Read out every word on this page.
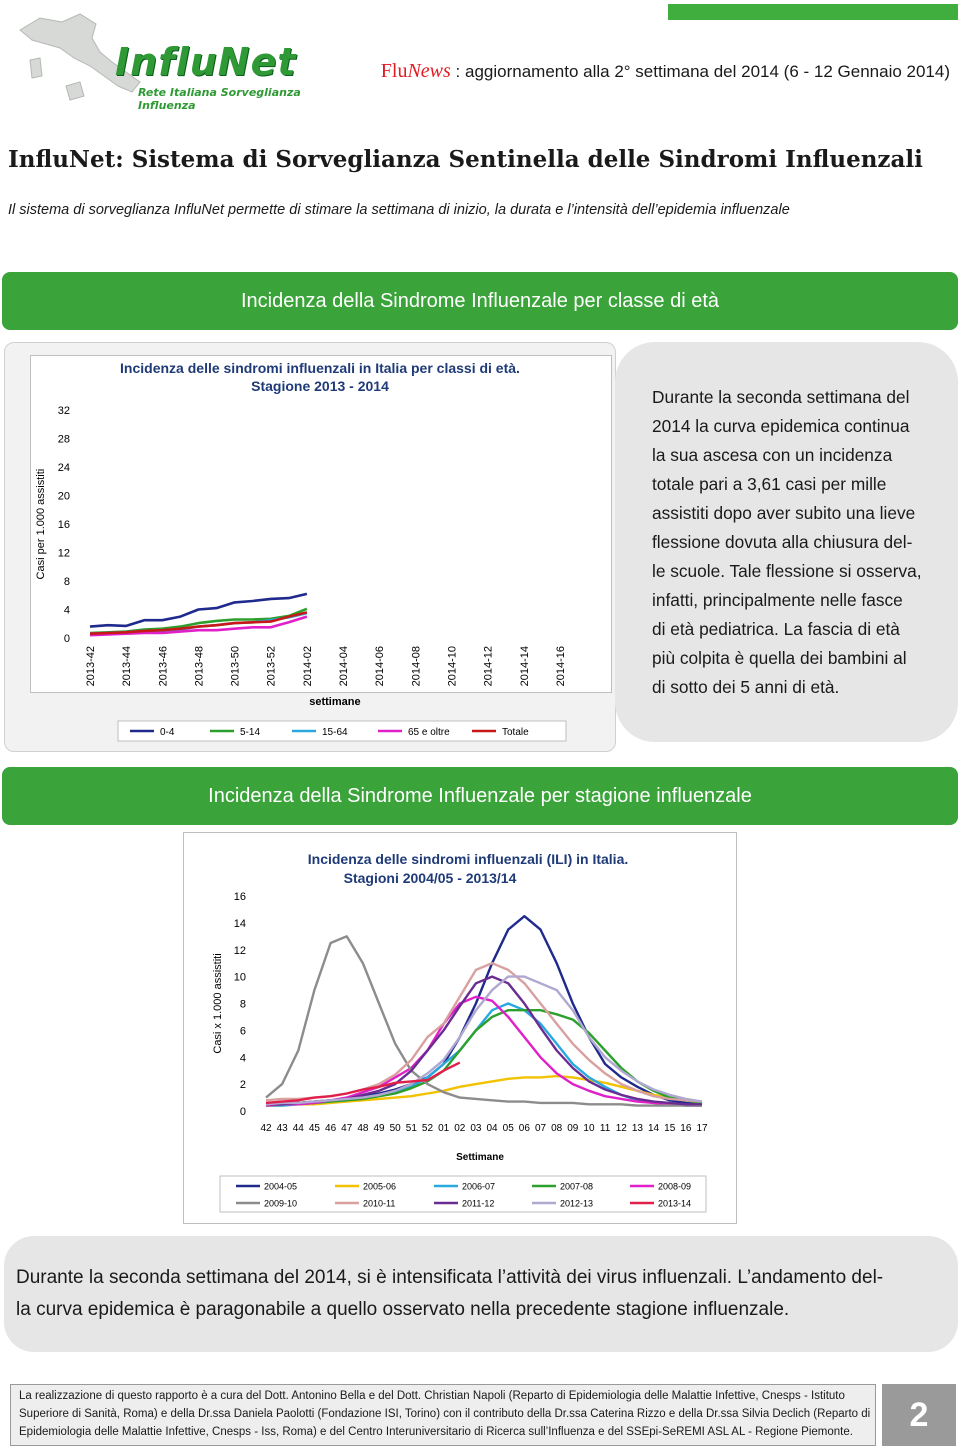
InfluNet
Rete Italiana Sorveglianza Influenza
FluNews : aggiornamento alla 2° settimana del 2014 (6 - 12 Gennaio 2014)
InfluNet: Sistema di Sorveglianza Sentinella delle Sindromi Influenzali
Il sistema di sorveglianza InfluNet permette di stimare la settimana di inizio, la durata e l’intensità dell’epidemia influenzale
Incidenza della Sindrome Influenzale per classe di età
Incidenza delle sindromi influenzali in Italia per classi di età.
Stagione 2013 - 2014
0
4
8
12
16
20
24
28
32
Casi per 1.000 assistiti
2013-42 2013-44 2013-46 2013-48 2013-50 2013-52 2014-02 2014-04 2014-06 2014-08 2014-10 2014-12 2014-14 2014-16
settimane
0-4	5-14	15-64	65 e oltre	Totale
Durante la seconda settimana del
2014 la curva epidemica continua
la sua ascesa con un incidenza
totale pari a 3,61 casi per mille
assistiti dopo aver subito una lieve
flessione dovuta alla chiusura del-
le scuole. Tale flessione si osserva,
infatti, principalmente nelle fasce
di età pediatrica. La fascia di età
più colpita è quella dei bambini al
di sotto dei 5 anni di età.
Incidenza della Sindrome Influenzale per stagione influenzale
Incidenza delle sindromi influenzali (ILI) in Italia.
Stagioni 2004/05 - 2013/14
0
2
4
6
8
10
12
14
16
Casi x 1.000 assistiti
42 43 44 45 46 47 48 49 50 51 52 01 02 03 04 05 06 07 08 09 10 11 12 13 14 15 16 17
Settimane
2004-05	2005-06	2006-07	2007-08	2008-09
2009-10	2010-11	2011-12	2012-13	2013-14
Durante la seconda settimana del 2014, si è intensificata l’attività dei virus influenzali. L’andamento del-
la curva epidemica è paragonabile a quello osservato nella precedente stagione influenzale.
La realizzazione di questo rapporto è a cura del Dott. Antonino Bella e del Dott. Christian Napoli (Reparto di Epidemiologia delle Malattie Infettive, Cnesps - Istituto
Superiore di Sanità, Roma) e della Dr.ssa Daniela Paolotti (Fondazione ISI, Torino) con il contributo della Dr.ssa Caterina Rizzo e della Dr.ssa Silvia Declich (Reparto di
Epidemiologia delle Malattie Infettive, Cnesps - Iss, Roma) e del Centro Interuniversitario di Ricerca sull’Influenza e del SSEpi-SeREMI ASL AL - Regione Piemonte.	2
